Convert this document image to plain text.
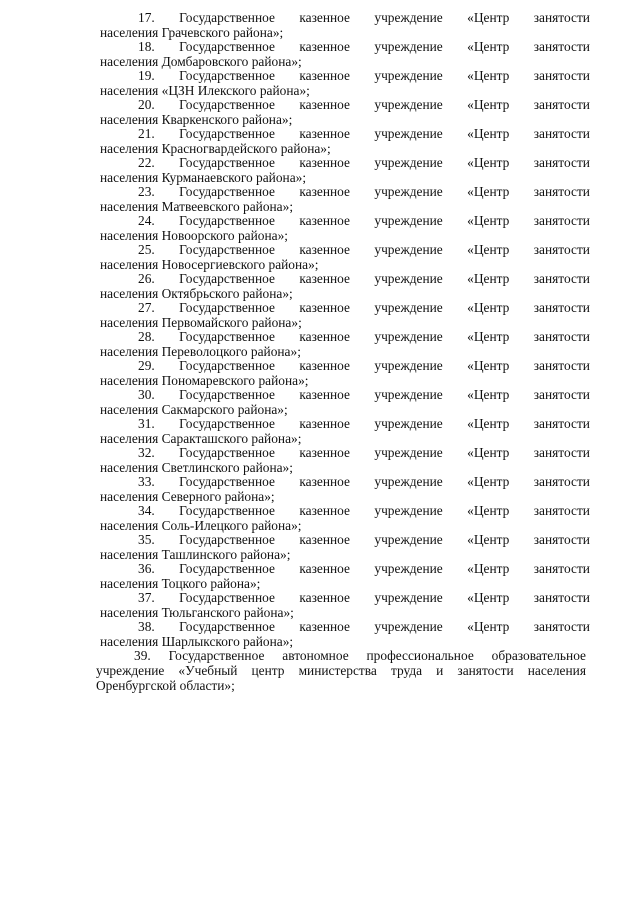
17. Государственное казенное учреждение «Центр занятости
населения Грачевского района»;
18. Государственное казенное учреждение «Центр занятости
населения Домбаровского района»;
19. Государственное казенное учреждение «Центр занятости
населения «ЦЗН Илекского района»;
20. Государственное казенное учреждение «Центр занятости
населения Кваркенского района»;
21. Государственное казенное учреждение «Центр занятости
населения Красногвардейского района»;
22. Государственное казенное учреждение «Центр занятости
населения Курманаевского района»;
23. Государственное казенное учреждение «Центр занятости
населения Матвеевского района»;
24. Государственное казенное учреждение «Центр занятости
населения Новоорского района»;
25. Государственное казенное учреждение «Центр занятости
населения Новосергиевского района»;
26. Государственное казенное учреждение «Центр занятости
населения Октябрьского района»;
27. Государственное казенное учреждение «Центр занятости
населения Первомайского района»;
28. Государственное казенное учреждение «Центр занятости
населения Переволоцкого района»;
29. Государственное казенное учреждение «Центр занятости
населения Пономаревского района»;
30. Государственное казенное учреждение «Центр занятости
населения Сакмарского района»;
31. Государственное казенное учреждение «Центр занятости
населения Саракташского района»;
32. Государственное казенное учреждение «Центр занятости
населения Светлинского района»;
33. Государственное казенное учреждение «Центр занятости
населения Северного района»;
34. Государственное казенное учреждение «Центр занятости
населения Соль-Илецкого района»;
35. Государственное казенное учреждение «Центр занятости
населения Ташлинского района»;
36. Государственное казенное учреждение «Центр занятости
населения Тоцкого района»;
37. Государственное казенное учреждение «Центр занятости
населения Тюльганского района»;
38. Государственное казенное учреждение «Центр занятости
населения Шарлыкского района»;
39. Государственное автономное профессиональное образовательное
учреждение «Учебный центр министерства труда и занятости населения
Оренбургской области»;
